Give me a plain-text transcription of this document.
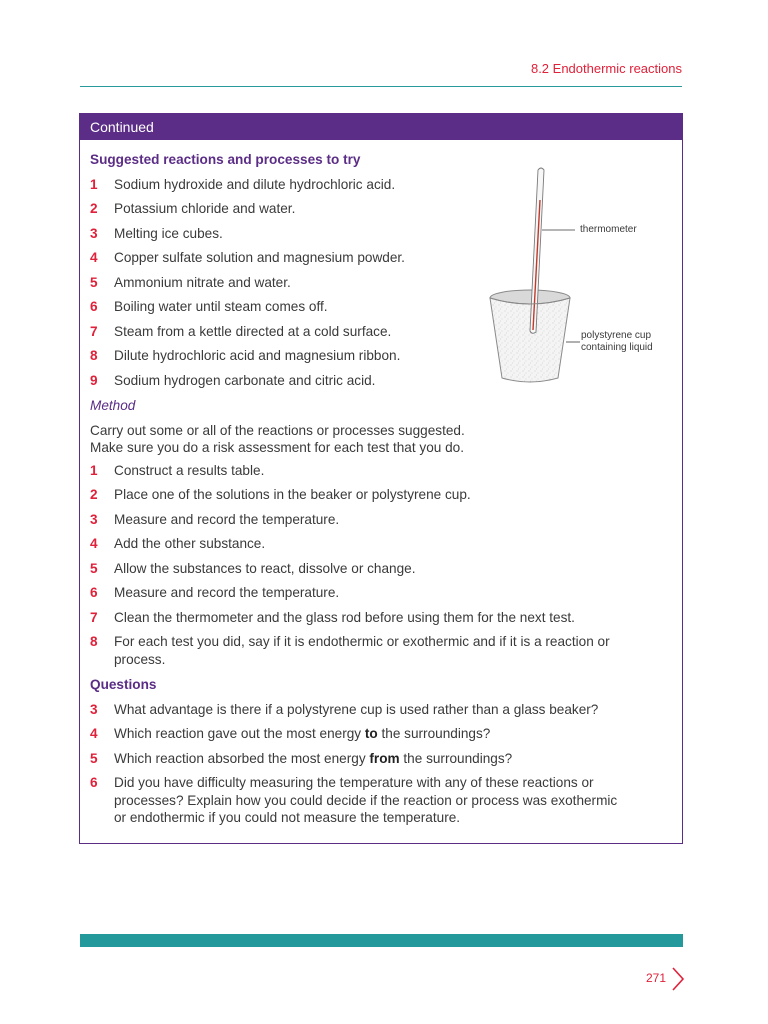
8.2 Endothermic reactions
Continued
Suggested reactions and processes to try
1	Sodium hydroxide and dilute hydrochloric acid.
2	Potassium chloride and water.
3	Melting ice cubes.
4	Copper sulfate solution and magnesium powder.
5	Ammonium nitrate and water.
6	Boiling water until steam comes off.
7	Steam from a kettle directed at a cold surface.
8	Dilute hydrochloric acid and magnesium ribbon.
9	Sodium hydrogen carbonate and citric acid.
Method
Carry out some or all of the reactions or processes suggested.
Make sure you do a risk assessment for each test that you do.
1	Construct a results table.
2	Place one of the solutions in the beaker or polystyrene cup.
3	Measure and record the temperature.
4	Add the other substance.
5	Allow the substances to react, dissolve or change.
6	Measure and record the temperature.
7	Clean the thermometer and the glass rod before using them for the next test.
8	For each test you did, say if it is endothermic or exothermic and if it is a reaction or process.
Questions
3	What advantage is there if a polystyrene cup is used rather than a glass beaker?
4	Which reaction gave out the most energy to the surroundings?
5	Which reaction absorbed the most energy from the surroundings?
6	Did you have difficulty measuring the temperature with any of these reactions or processes? Explain how you could decide if the reaction or process was exothermic or endothermic if you could not measure the temperature.
thermometer
polystyrene cup
containing liquid
271
